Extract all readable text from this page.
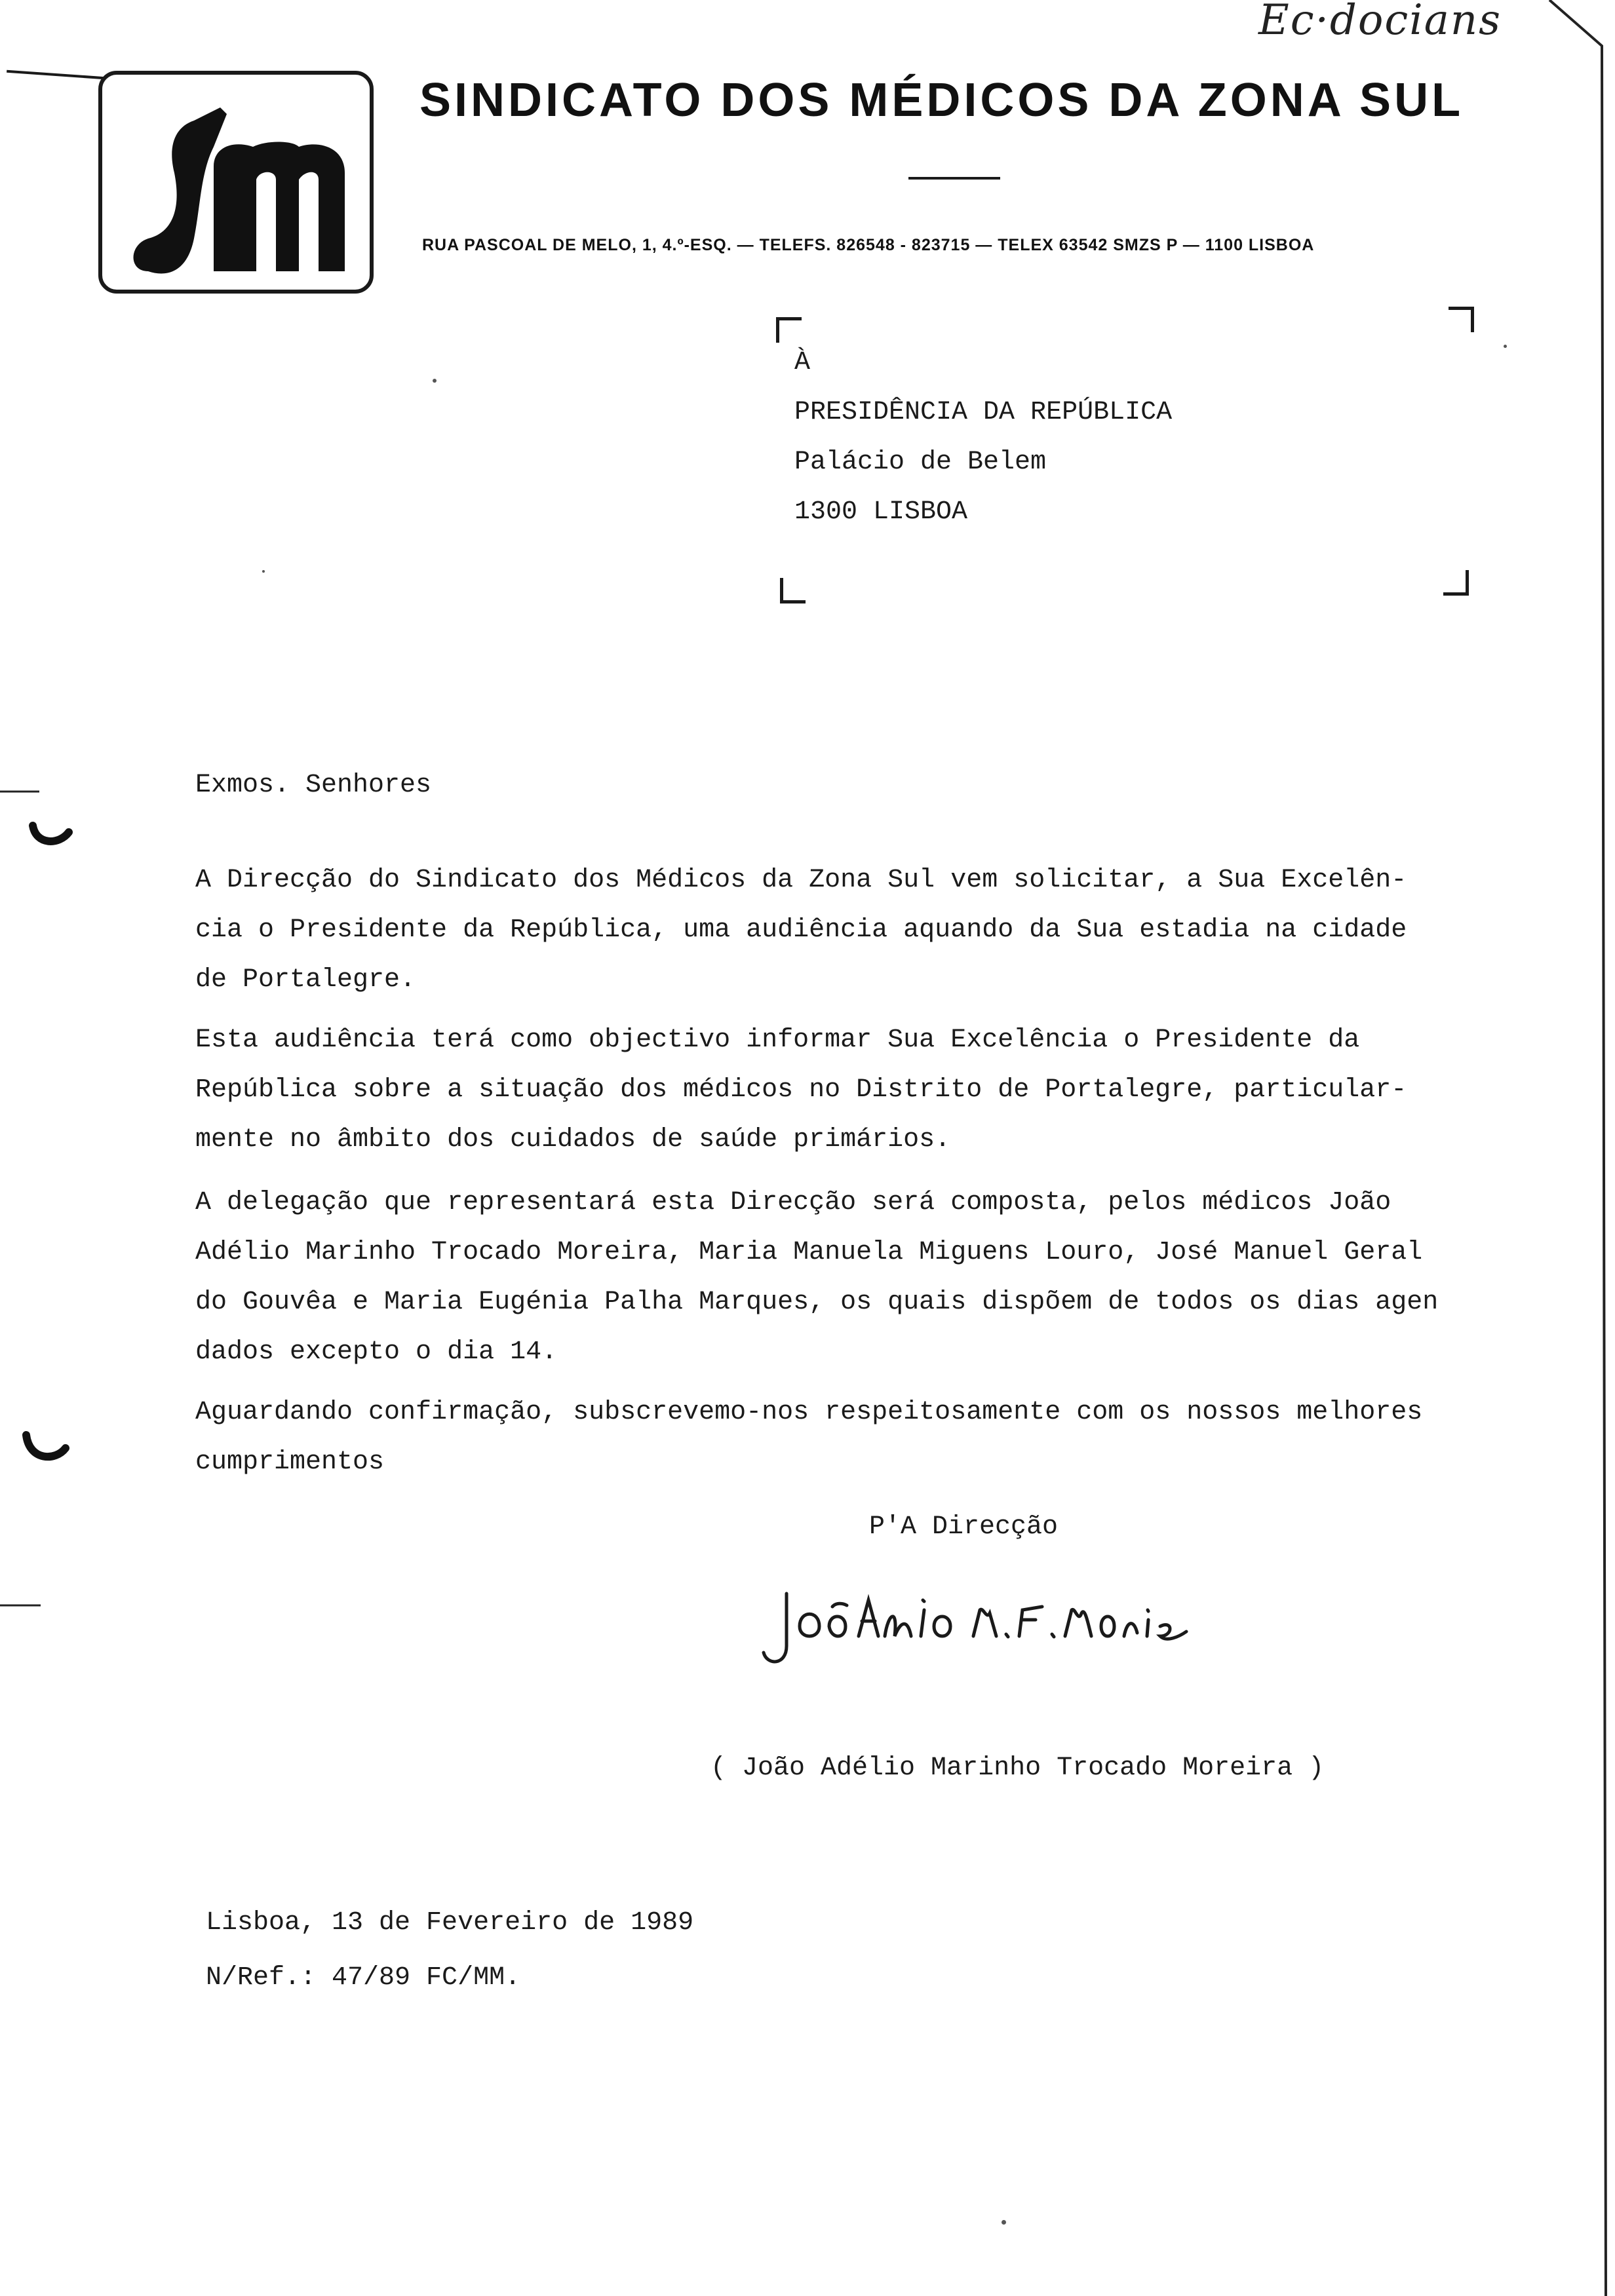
Ec·docians
SINDICATO DOS MÉDICOS DA ZONA SUL
RUA PASCOAL DE MELO, 1, 4.º-ESQ. — TELEFS. 826548 - 823715 — TELEX 63542 SMZS P — 1100 LISBOA
À
PRESIDÊNCIA DA REPÚBLICA
Palácio de Belem
1300 LISBOA
Exmos. Senhores
A Direcção do Sindicato dos Médicos da Zona Sul vem solicitar, a Sua Excelên-
cia o Presidente da República, uma audiência aquando da Sua estadia na cidade
de Portalegre.
Esta audiência terá como objectivo informar Sua Excelência o Presidente da
República sobre a situação dos médicos no Distrito de Portalegre, particular-
mente no âmbito dos cuidados de saúde primários.
A delegação que representará esta Direcção será composta, pelos médicos João
Adélio Marinho Trocado Moreira, Maria Manuela Miguens Louro, José Manuel Geral
do Gouvêa e Maria Eugénia Palha Marques, os quais dispõem de todos os dias agen
dados excepto o dia 14.
Aguardando confirmação, subscrevemo-nos respeitosamente com os nossos melhores
cumprimentos
P'A Direcção
( João Adélio Marinho Trocado Moreira )
Lisboa, 13 de Fevereiro de 1989
N/Ref.: 47/89 FC/MM.
